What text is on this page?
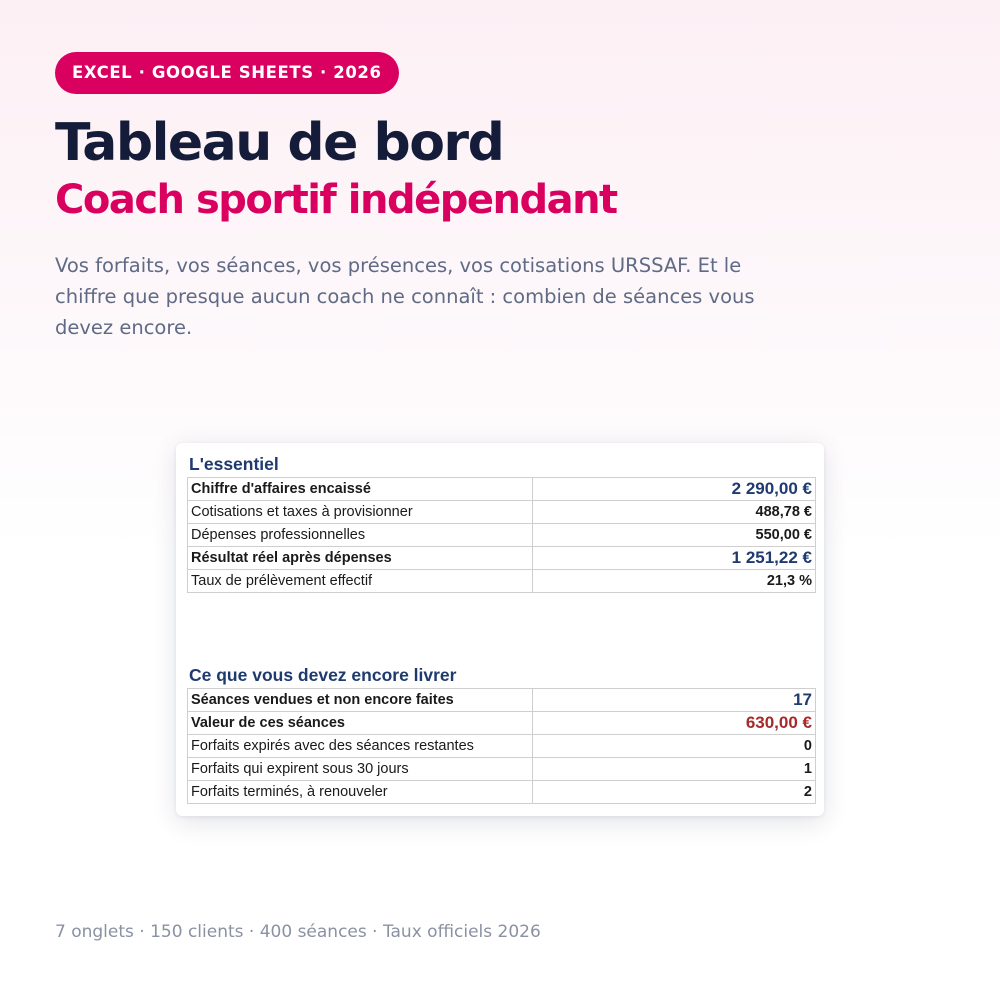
EXCEL · GOOGLE SHEETS · 2026
Tableau de bord
Coach sportif indépendant

Vos forfaits, vos séances, vos présences, vos cotisations URSSAF. Et le chiffre que presque aucun coach ne connaît : combien de séances vous devez encore.

L'essentiel
Chiffre d'affaires encaissé	2 290,00 €
Cotisations et taxes à provisionner	488,78 €
Dépenses professionnelles	550,00 €
Résultat réel après dépenses	1 251,22 €
Taux de prélèvement effectif	21,3 %
Ce que vous devez encore livrer
Séances vendues et non encore faites	17
Valeur de ces séances	630,00 €
Forfaits expirés avec des séances restantes	0
Forfaits qui expirent sous 30 jours	1
Forfaits terminés, à renouveler	2

7 onglets · 150 clients · 400 séances · Taux officiels 2026
